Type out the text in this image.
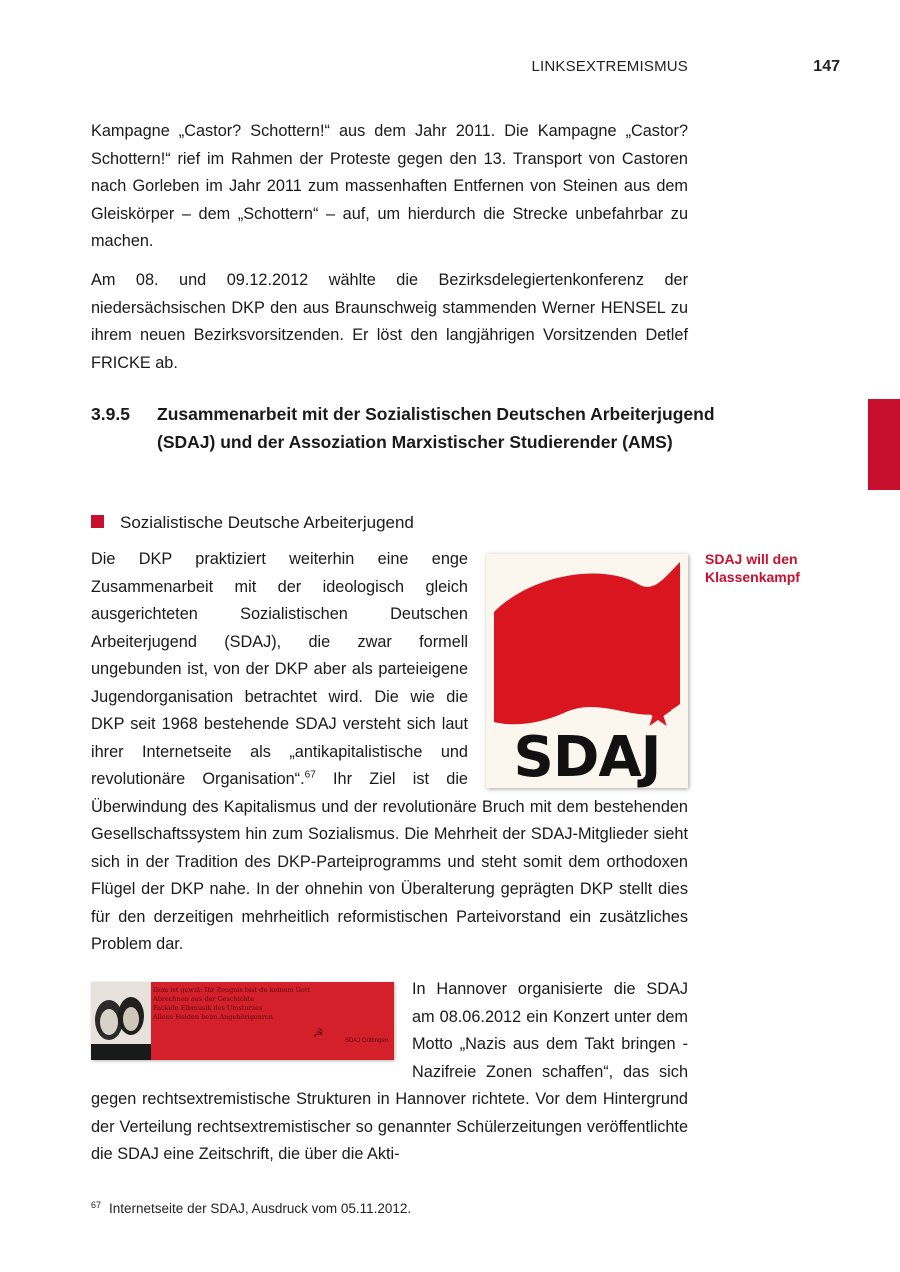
LINKSEXTREMISMUS	147

Kampagne „Castor? Schottern!“ aus dem Jahr 2011. Die Kampagne „Castor? Schottern!“ rief im Rahmen der Proteste gegen den 13. Transport von Castoren nach Gorleben im Jahr 2011 zum massenhaften Entfernen von Steinen aus dem Gleiskörper – dem „Schottern“ – auf, um hierdurch die Strecke unbefahrbar zu machen.

Am 08. und 09.12.2012 wählte die Bezirksdelegiertenkonferenz der niedersächsischen DKP den aus Braunschweig stammenden Werner HENSEL zu ihrem neuen Bezirksvorsitzenden. Er löst den langjährigen Vorsitzenden Detlef FRICKE ab.

3.9.5 Zusammenarbeit mit der Sozialistischen Deutschen Arbeiterjugend (SDAJ) und der Assoziation Marxistischer Studierender (AMS)
Sozialistische Deutsche Arbeiterjugend
SDAJ

Die DKP praktiziert weiterhin eine enge Zusammenarbeit mit der ideologisch gleich ausgerichteten Sozialistischen Deutschen Arbeiterjugend (SDAJ), die zwar formell ungebunden ist, von der DKP aber als parteieigene Jugendorganisation betrachtet wird. Die wie die DKP seit 1968 bestehende SDAJ versteht sich laut ihrer Internetseite als „antikapitalistische und revolutionäre Organisation“.$^{67}$ Ihr Ziel ist die Überwindung des Kapitalismus und der revolutionäre Bruch mit dem bestehenden Gesellschaftssystem hin zum Sozialismus. Die Mehrheit der SDAJ-Mitglieder sieht sich in der Tradition des DKP-Parteiprogramms und steht somit dem orthodoxen Flügel der DKP nahe. In der ohnehin von Überalterung geprägten DKP stellt dies für den derzeitigen mehrheitlich reformistischen Parteivorstand ein zusätzliches Problem dar.

SDAJ will den Klassenkampf
Dem ist gewiß: Ihr Zeugnis bist du keinem Gott
Abrechnen aus der Geschichte
Fackeln Elbmusik des Umsturzes
Allens Helden beim Angehörigenren
☭
SDAJ Göttingen

In Hannover organisierte die SDAJ am 08.06.2012 ein Konzert unter dem Motto „Nazis aus dem Takt bringen - Nazifreie Zonen schaffen“, das sich gegen rechtsextremistische Strukturen in Hannover richtete. Vor dem Hintergrund der Verteilung rechtsextremistischer so genannter Schülerzeitungen veröffentlichte die SDAJ eine Zeitschrift, die über die Akti-

$^{67}$ Internetseite der SDAJ, Ausdruck vom 05.11.2012.
